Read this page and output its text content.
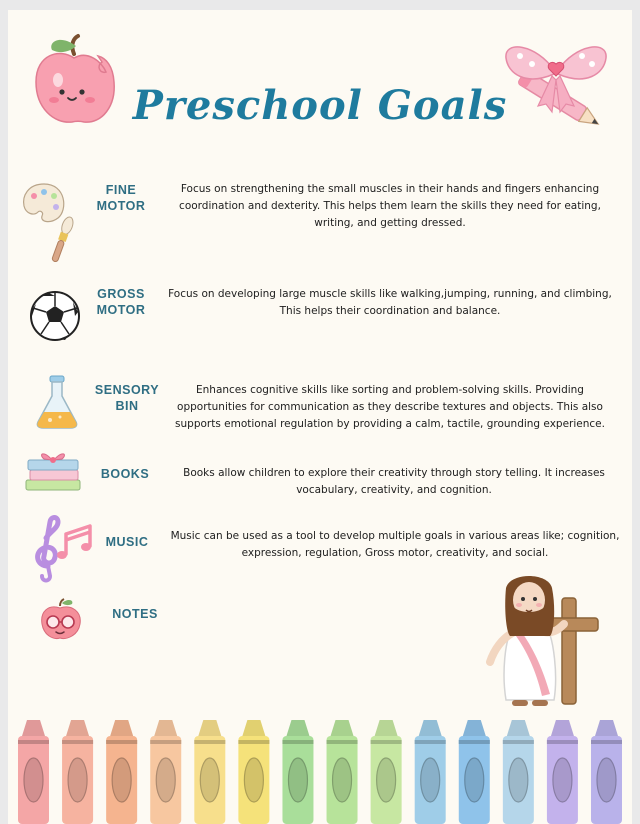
Preschool Goals
FINE
MOTOR
Focus on strengthening the small muscles in their hands and fingers enhancing coordination and dexterity. This helps them learn the skills they need for eating, writing, and getting dressed.
GROSS
MOTOR
Focus on developing large muscle skills like walking,jumping, running, and climbing, This helps their coordination and balance.
SENSORY
BIN
Enhances cognitive skills like sorting and problem-solving skills. Providing opportunities for communication as they describe textures and objects. This also supports emotional regulation by providing a calm, tactile, grounding experience.
BOOKS	Books allow children to explore their creativity through story telling. It increases vocabulary, creativity, and cognition.
MUSIC	Music can be used as a tool to develop multiple goals in various areas like; cognition, expression, regulation, Gross motor, creativity, and social.
NOTES
